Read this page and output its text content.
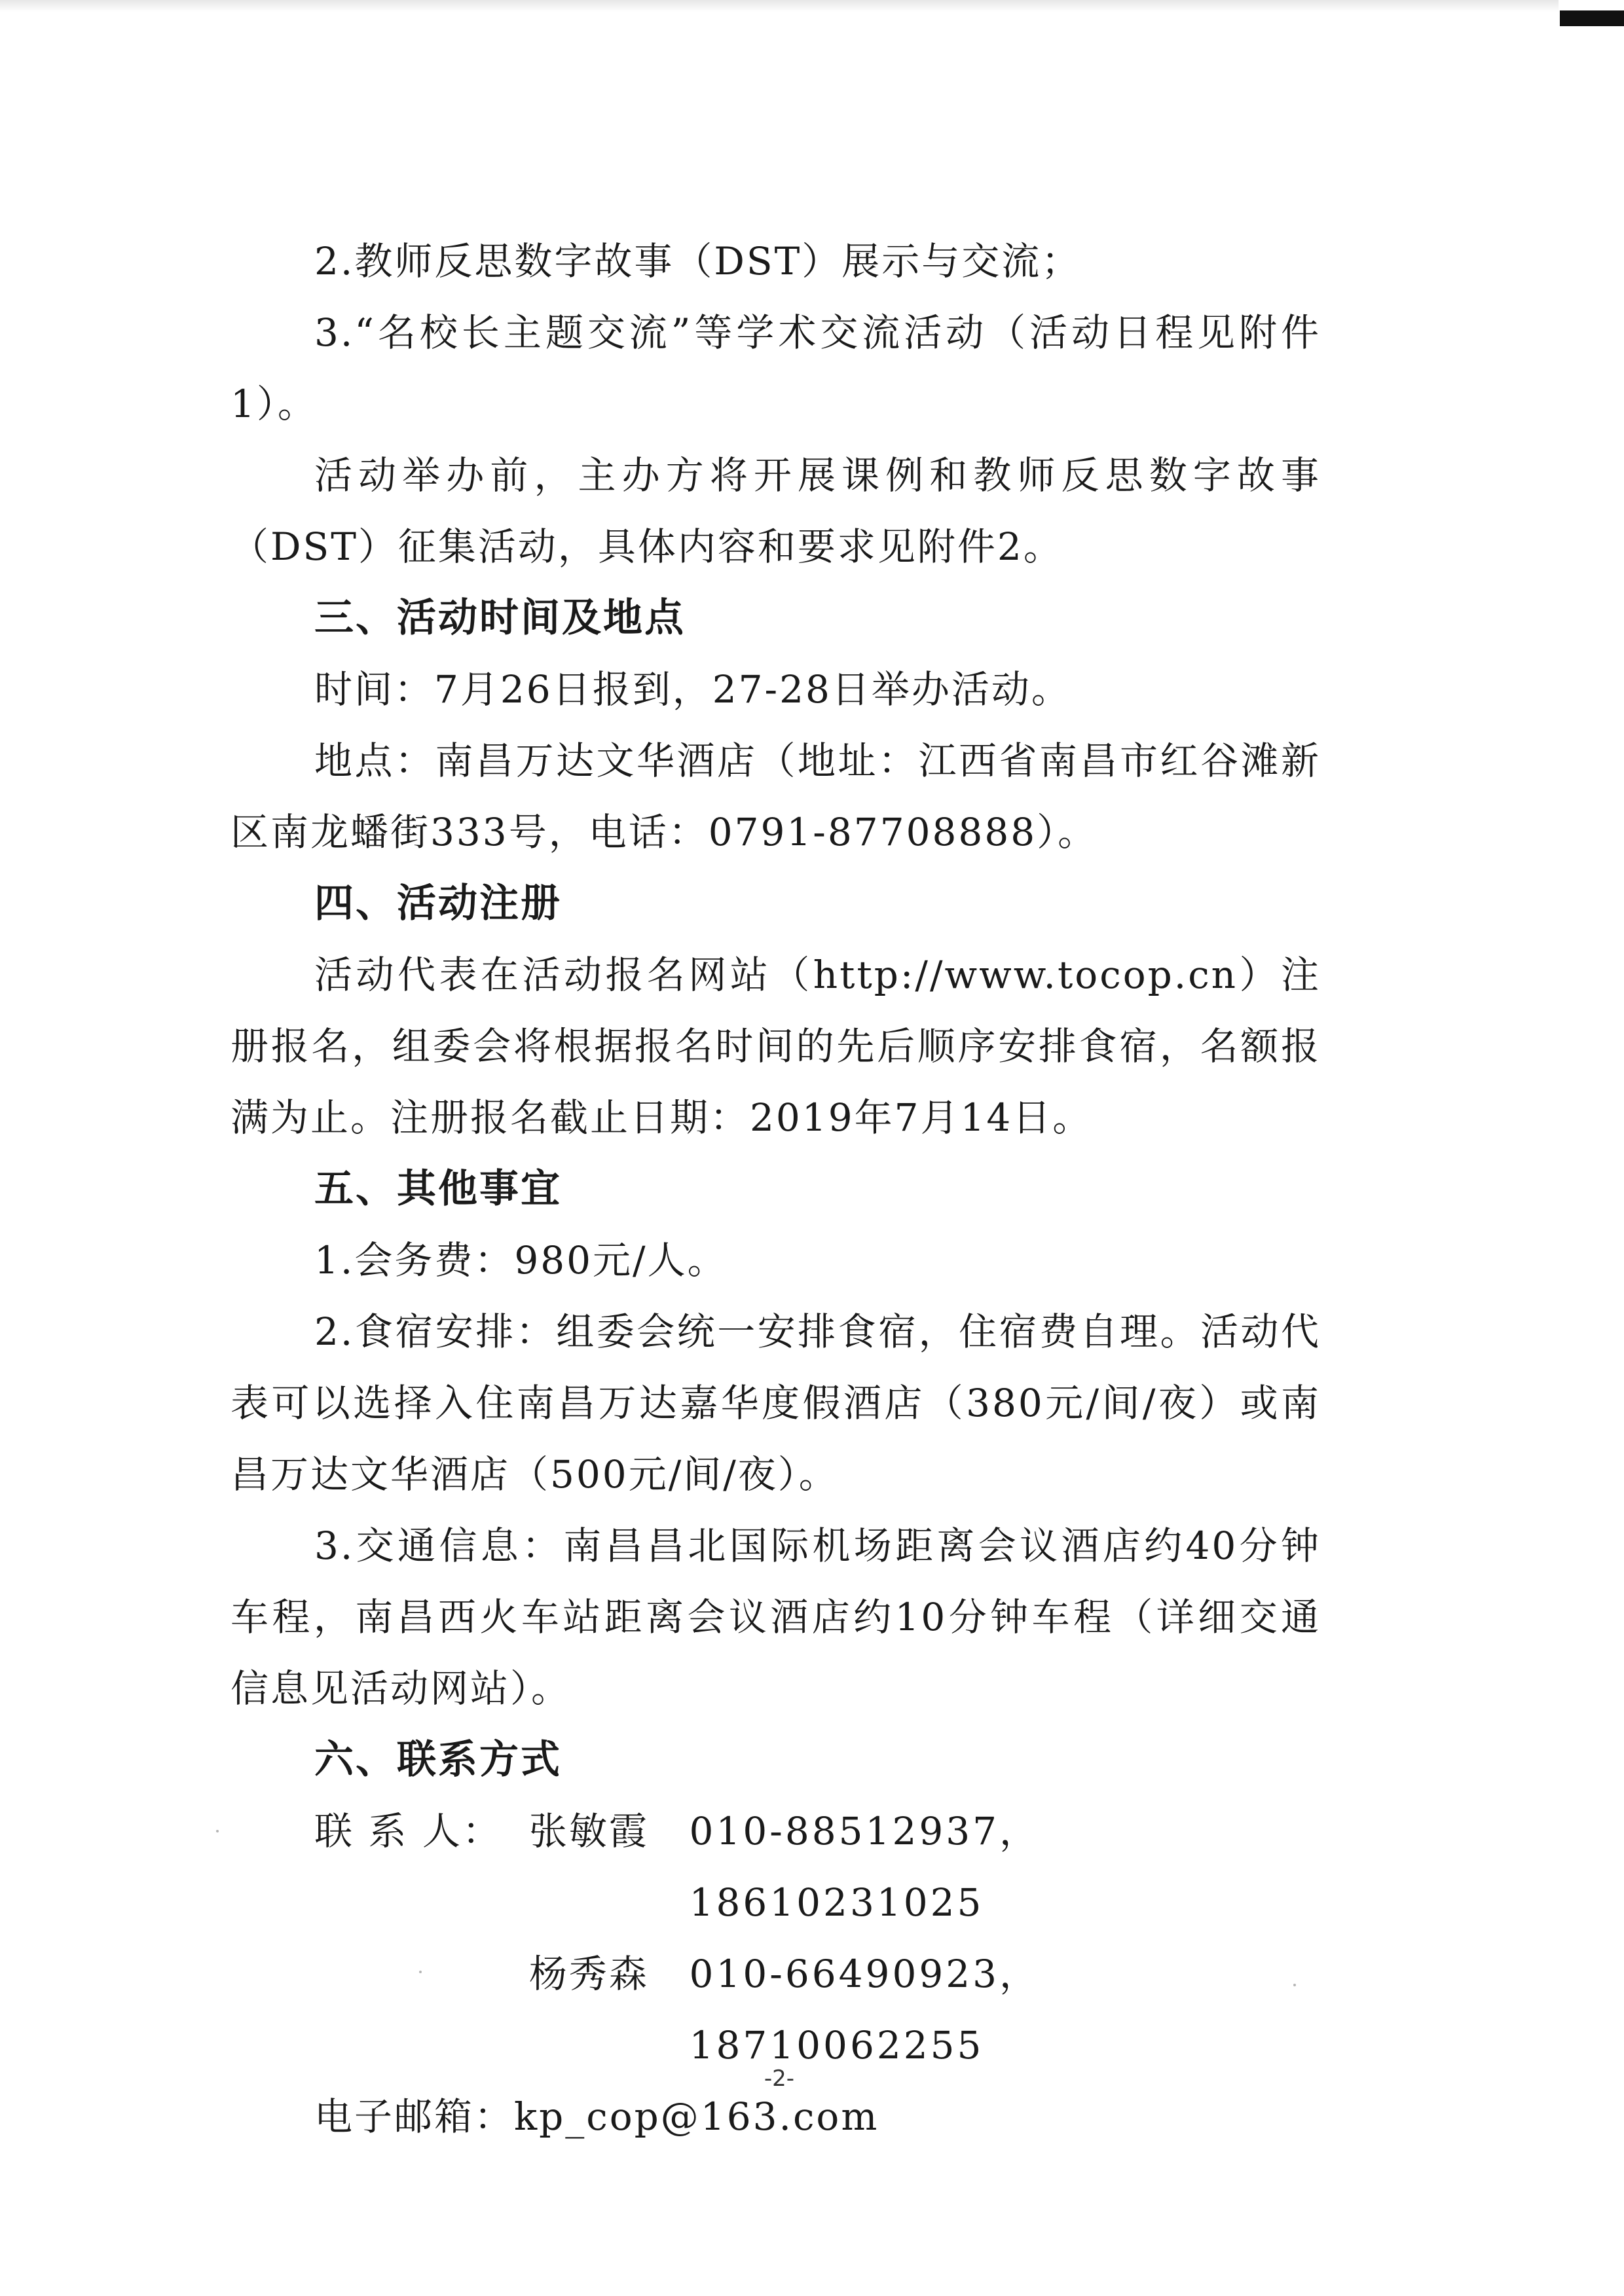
2.教师反思数字故事（DST）展示与交流；

3.“名校长主题交流”等学术交流活动（活动日程见附件1）。

活动举办前，主办方将开展课例和教师反思数字故事（DST）征集活动，具体内容和要求见附件2。

三、活动时间及地点

时间：7月26日报到，27-28日举办活动。

地点：南昌万达文华酒店（地址：江西省南昌市红谷滩新区南龙蟠街333号，电话：0791-87708888）。

四、活动注册

活动代表在活动报名网站（http://www.tocop.cn）注册报名，组委会将根据报名时间的先后顺序安排食宿，名额报满为止。注册报名截止日期：2019年7月14日。

五、其他事宜

1.会务费：980元/人。

2.食宿安排：组委会统一安排食宿，住宿费自理。活动代表可以选择入住南昌万达嘉华度假酒店（380元/间/夜）或南昌万达文华酒店（500元/间/夜）。

3.交通信息：南昌昌北国际机场距离会议酒店约40分钟车程，南昌西火车站距离会议酒店约10分钟车程（详细交通信息见活动网站）。

六、联系方式
联 系 人： 张敏霞	010-88512937，18610231025
杨秀森	010-66490923，18710062255
电子邮箱：kp_cop@163.com
-2-
